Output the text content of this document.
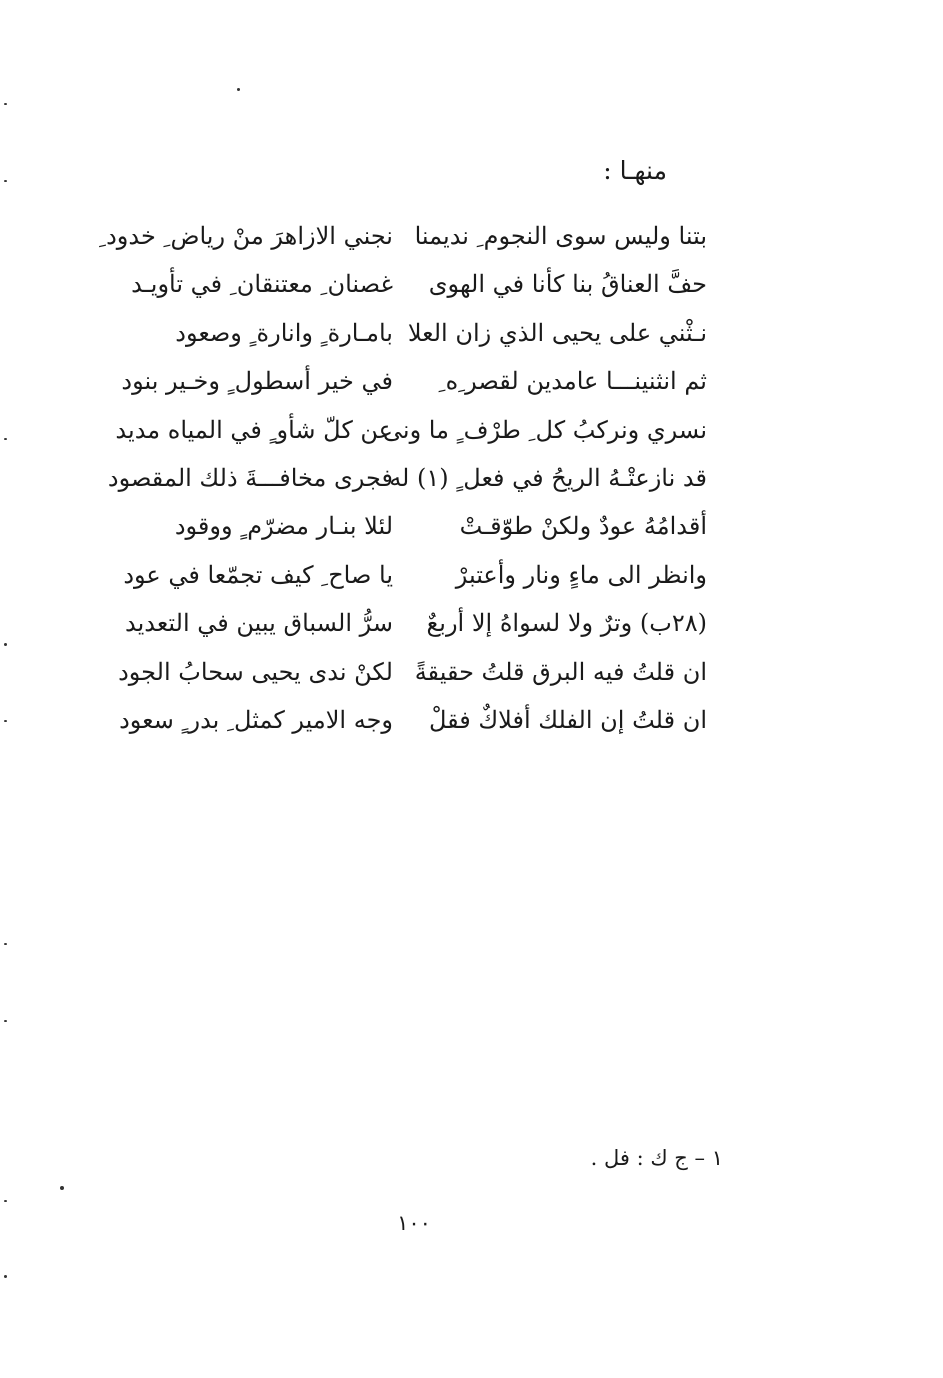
منهـا :
بتنا وليس سوى النجوم ِ نديمنا
نجني الازاهرَ منْ رياض ِ خدود ِ
حفَّ العناقُ بنا كأنا في الهوى
غصنان ِ معتنقان ِ في تأويـد
نـثْني على يحيى الذي زان العلا
بامـارة ٍ وانارة ٍ وصعود
ثم انثنينـــا عامدين لقصر ِه ِ
في خير أسطول ٍ وخـير بنود
نسري ونركبُ كل ِ طرْف ٍ ما ونى
عن كلّ شأو ٍ في المياه مديد
قد نازعتْـهُ الريحُ في فعل ٍ (١) له
فجرى مخافـــةَ ذلك المقصود
أقدامُهُ عودٌ ولكنْ طوّقـتْ
لئلا بنـار مضرّم ٍ ووقود
وانظر الى ماءٍ ونار وأعتبرْ
يا صاح ِ كيف تجمّعا في عود
(٢٨ب) وترٌ ولا لسواهُ إلا أربعٌ
سرُّ السباق يبين في التعديد
ان قلتُ فيه البرق قلتُ حقيقةً
لكنْ ندى يحيى سحابُ الجود
ان قلتُ إن الفلك أفلاكٌ فقلْ
وجه الامير كمثل ِ بدر ٍ سعود
١ – ج ك : فل .
١٠٠
